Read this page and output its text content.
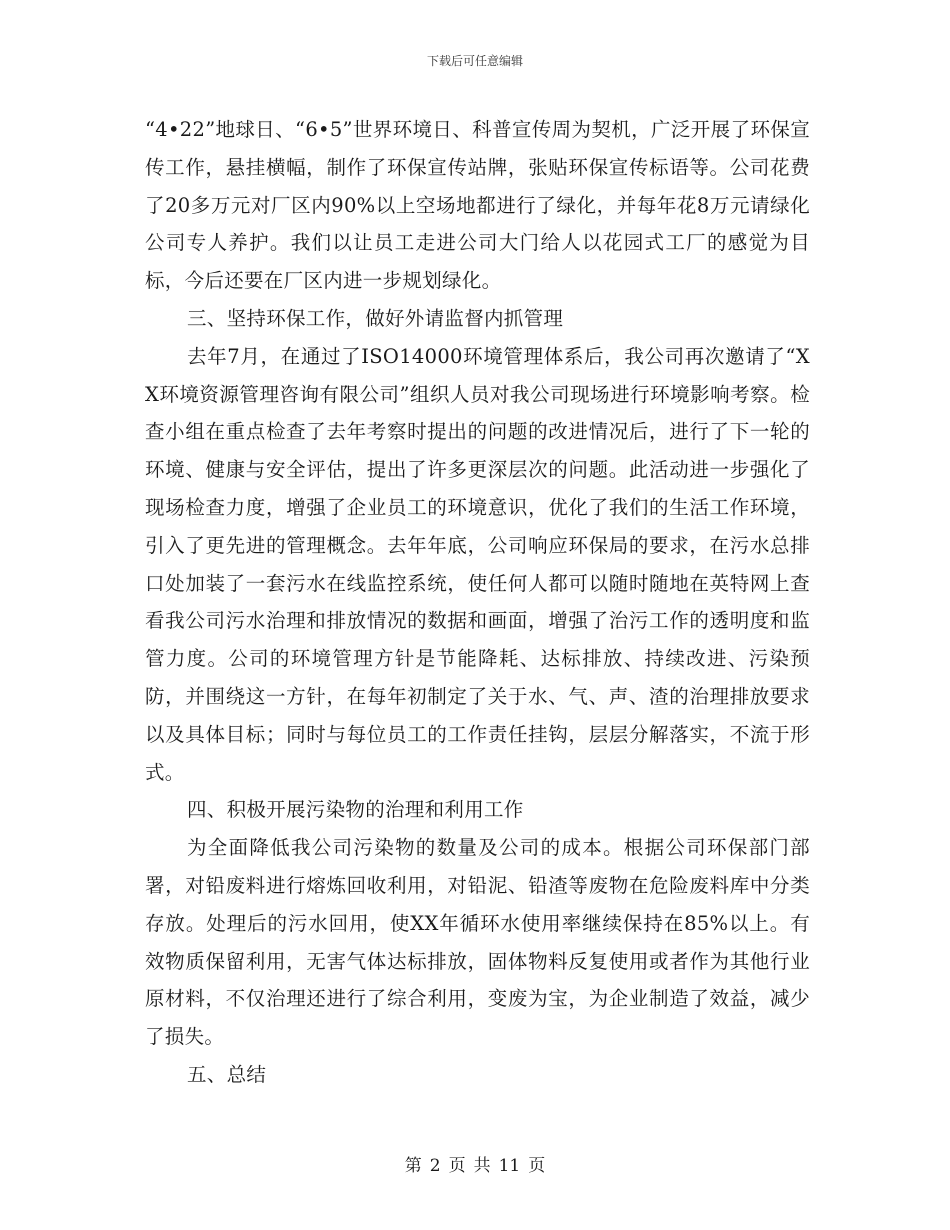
下载后可任意编辑

“4•22”地球日、“6•5”世界环境日、科普宣传周为契机，广泛开展了环保宣传工作，悬挂横幅，制作了环保宣传站牌，张贴环保宣传标语等。公司花费了20多万元对厂区内90%以上空场地都进行了绿化，并每年花8万元请绿化公司专人养护。我们以让员工走进公司大门给人以花园式工厂的感觉为目标，今后还要在厂区内进一步规划绿化。

三、坚持环保工作，做好外请监督内抓管理

去年7月，在通过了ISO14000环境管理体系后，我公司再次邀请了“XX环境资源管理咨询有限公司”组织人员对我公司现场进行环境影响考察。检查小组在重点检查了去年考察时提出的问题的改进情况后，进行了下一轮的环境、健康与安全评估，提出了许多更深层次的问题。此活动进一步强化了现场检查力度，增强了企业员工的环境意识，优化了我们的生活工作环境，引入了更先进的管理概念。去年年底，公司响应环保局的要求，在污水总排口处加装了一套污水在线监控系统，使任何人都可以随时随地在英特网上查看我公司污水治理和排放情况的数据和画面，增强了治污工作的透明度和监管力度。公司的环境管理方针是节能降耗、达标排放、持续改进、污染预防，并围绕这一方针，在每年初制定了关于水、气、声、渣的治理排放要求以及具体目标；同时与每位员工的工作责任挂钩，层层分解落实，不流于形式。

四、积极开展污染物的治理和利用工作

为全面降低我公司污染物的数量及公司的成本。根据公司环保部门部署，对铅废料进行熔炼回收利用，对铅泥、铅渣等废物在危险废料库中分类存放。处理后的污水回用，使XX年循环水使用率继续保持在85%以上。有效物质保留利用，无害气体达标排放，固体物料反复使用或者作为其他行业原材料，不仅治理还进行了综合利用，变废为宝，为企业制造了效益，减少了损失。

五、总结

第 2 页 共 11 页
